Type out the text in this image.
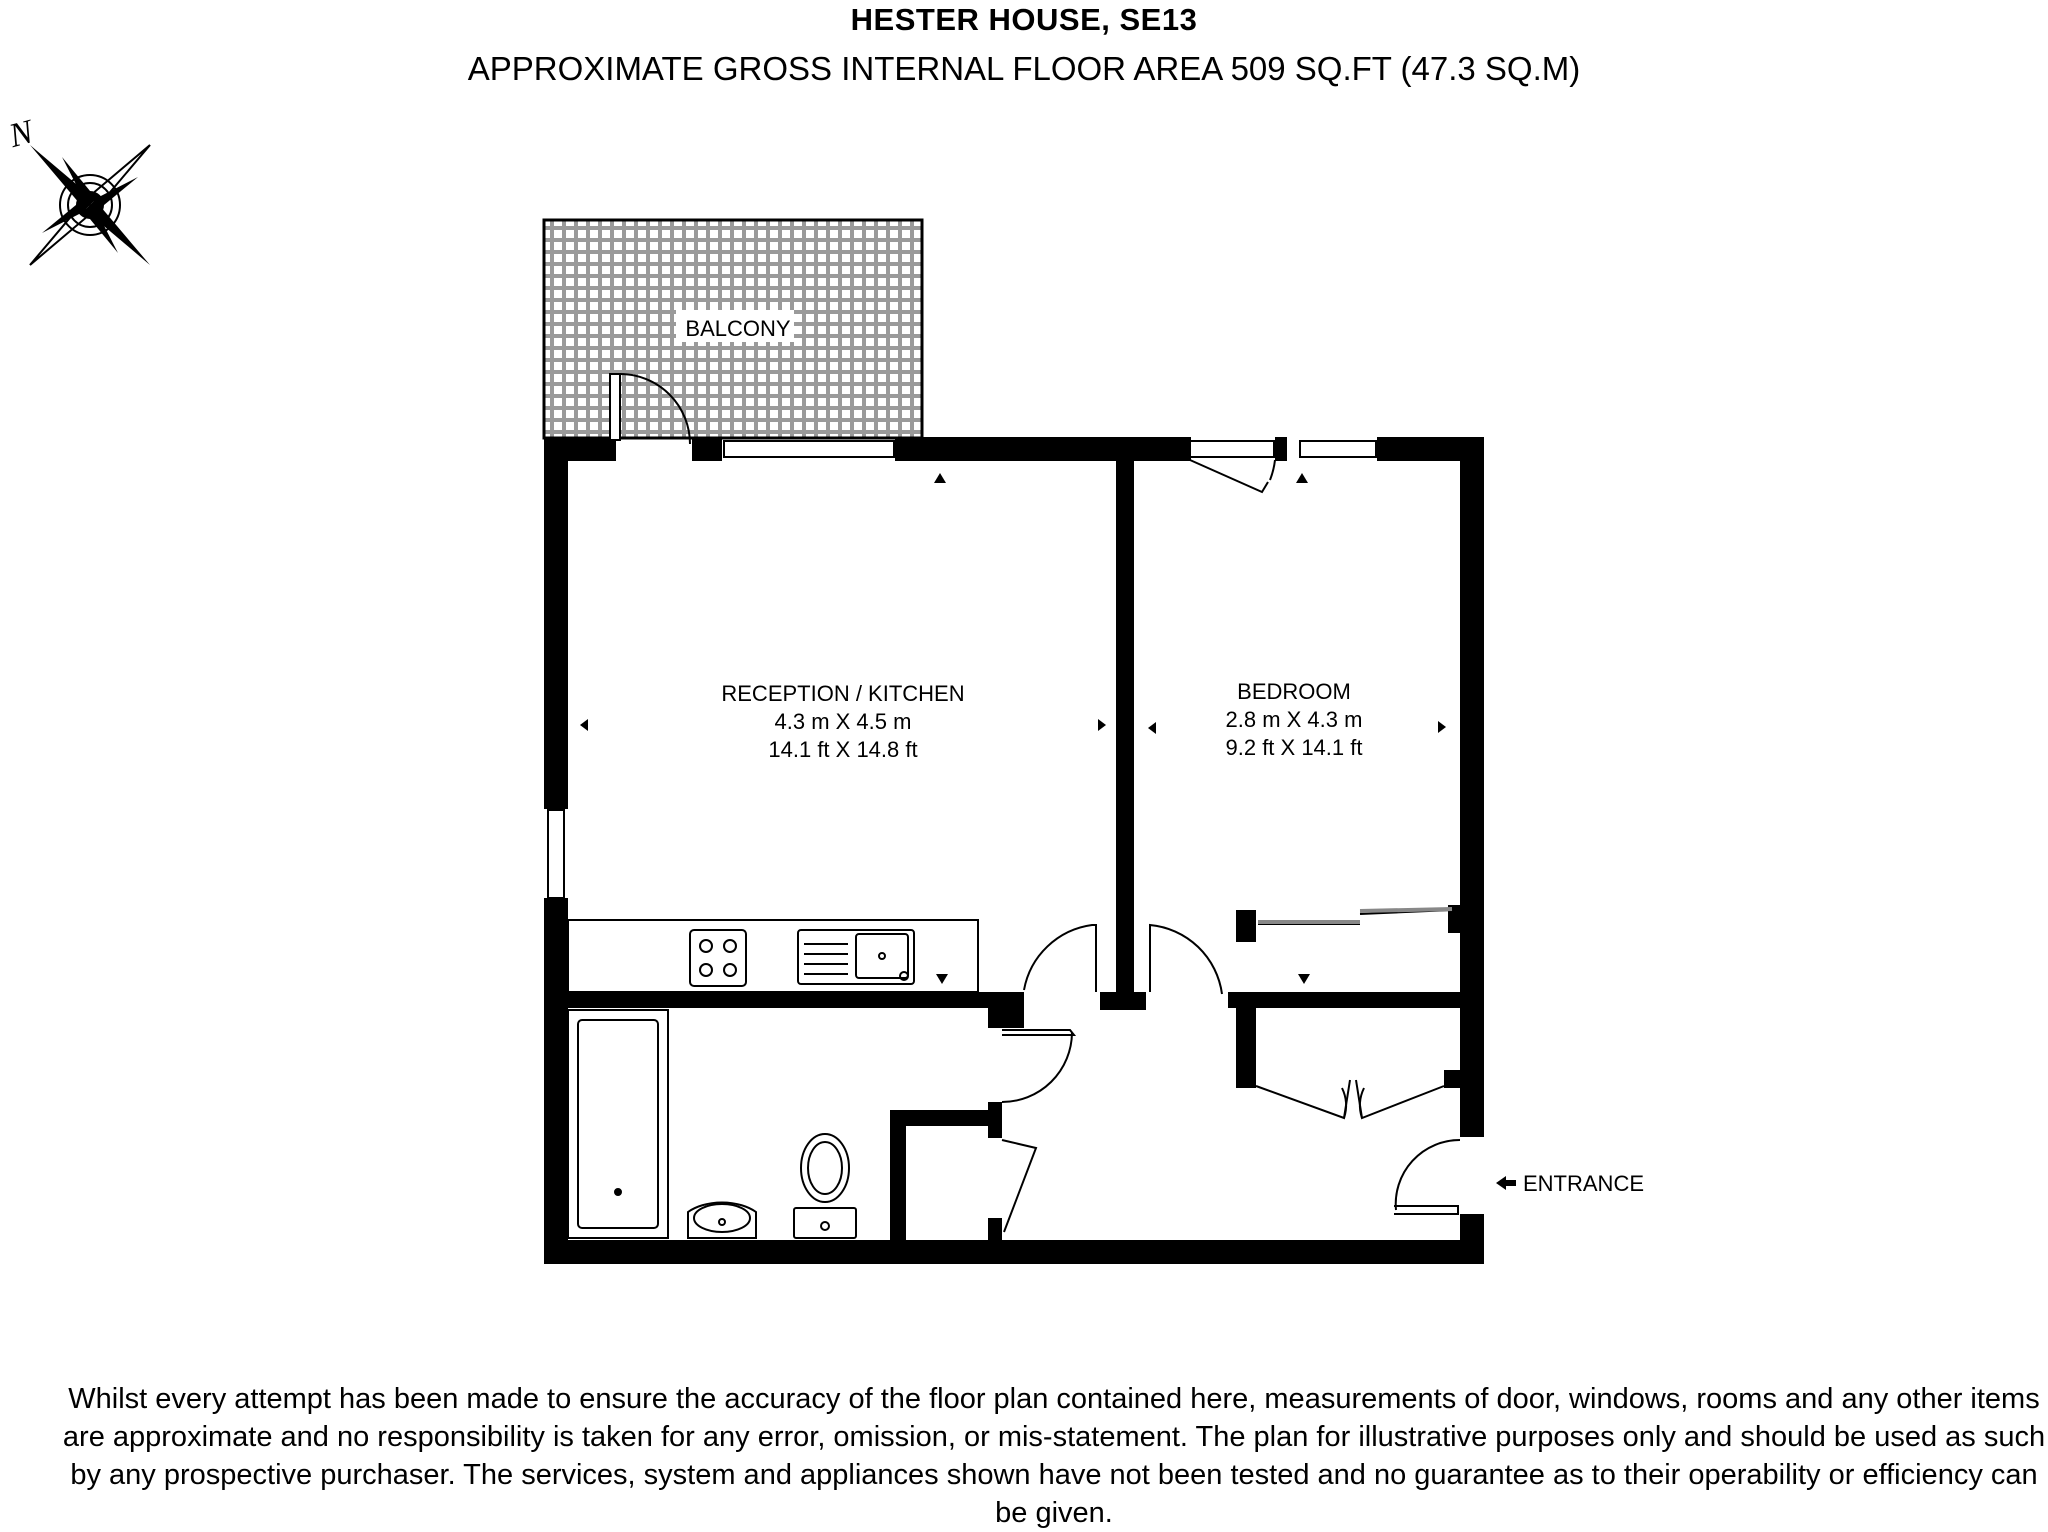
HESTER HOUSE, SE13
APPROXIMATE GROSS INTERNAL FLOOR AREA 509 SQ.FT (47.3 SQ.M)
N
BALCONY
RECEPTION / KITCHEN
4.3 m X 4.5 m
14.1 ft X 14.8 ft
BEDROOM
2.8 m X 4.3 m
9.2 ft X 14.1 ft
ENTRANCE
Whilst every attempt has been made to ensure the accuracy of the floor plan contained here, measurements of door, windows, rooms and any other items are approximate and no responsibility is taken for any error, omission, or mis-statement. The plan for illustrative purposes only and should be used as such by any prospective purchaser. The services, system and appliances shown have not been tested and no guarantee as to their operability or efficiency can be given.
